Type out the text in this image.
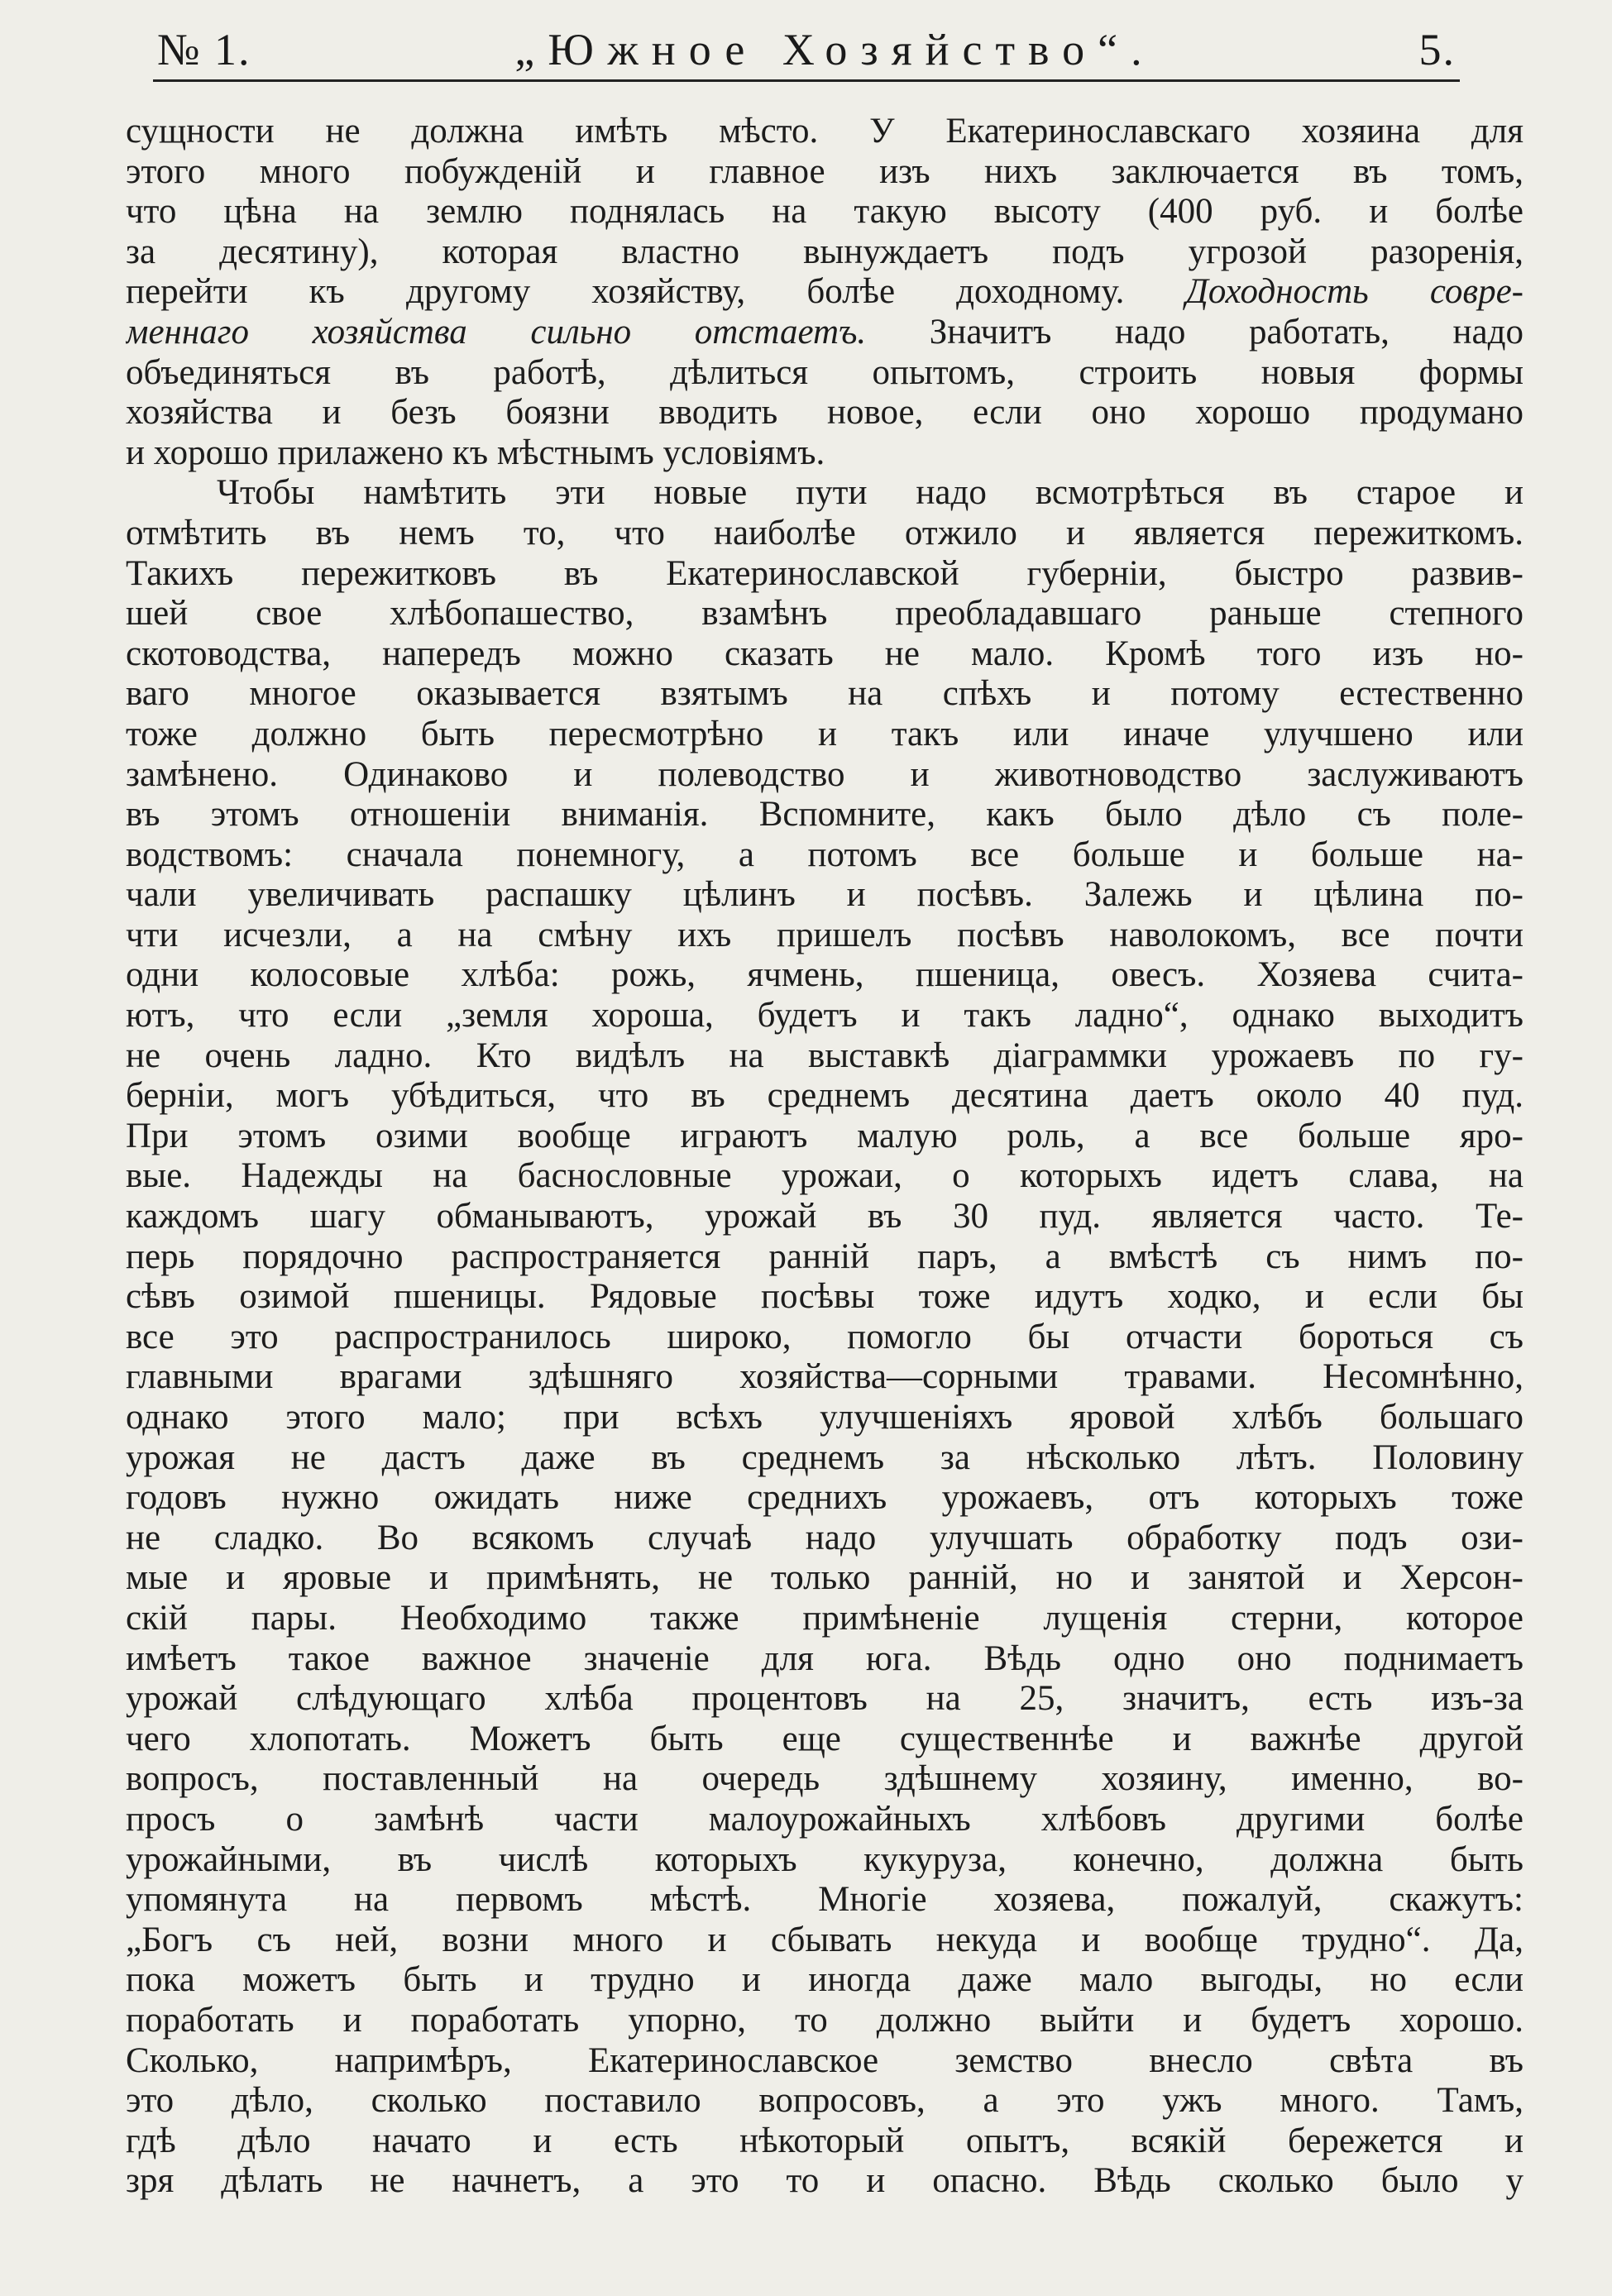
№ 1.	„Южное Хозяйство“.	5.
сущности не должна имѣть мѣсто. У Екатеринославскаго хозяина для
этого много побужденій и главное изъ нихъ заключается въ томъ,
что цѣна на землю поднялась на такую высоту (400 руб. и болѣе
за десятину), которая властно вынуждаетъ подъ угрозой разоренія,
перейти къ другому хозяйству, болѣе доходному. Доходность совре-
меннаго хозяйства сильно отстаетъ. Значитъ надо работать, надо
объединяться въ работѣ, дѣлиться опытомъ, строить новыя формы
хозяйства и безъ боязни вводить новое, если оно хорошо продумано
и хорошо прилажено къ мѣстнымъ условіямъ.
Чтобы намѣтить эти новые пути надо всмотрѣться въ старое и
отмѣтить въ немъ то, что наиболѣе отжило и является пережиткомъ.
Такихъ пережитковъ въ Екатеринославской губерніи, быстро развив-
шей свое хлѣбопашество, взамѣнъ преобладавшаго раньше степного
скотоводства, напередъ можно сказать не мало. Кромѣ того изъ но-
ваго многое оказывается взятымъ на спѣхъ и потому естественно
тоже должно быть пересмотрѣно и такъ или иначе улучшено или
замѣнено. Одинаково и полеводство и животноводство заслуживаютъ
въ этомъ отношеніи вниманія. Вспомните, какъ было дѣло съ поле-
водствомъ: сначала понемногу, а потомъ все больше и больше на-
чали увеличивать распашку цѣлинъ и посѣвъ. Залежь и цѣлина по-
чти исчезли, а на смѣну ихъ пришелъ посѣвъ наволокомъ, все почти
одни колосовые хлѣба: рожь, ячмень, пшеница, овесъ. Хозяева счита-
ютъ, что если „земля хороша, будетъ и такъ ладно“, однако выходитъ
не очень ладно. Кто видѣлъ на выставкѣ діаграммки урожаевъ по гу-
берніи, могъ убѣдиться, что въ среднемъ десятина даетъ около 40 пуд.
При этомъ озими вообще играютъ малую роль, а все больше яро-
вые. Надежды на баснословные урожаи, о которыхъ идетъ слава, на
каждомъ шагу обманываютъ, урожай въ 30 пуд. является часто. Те-
перь порядочно распространяется ранній паръ, а вмѣстѣ съ нимъ по-
сѣвъ озимой пшеницы. Рядовые посѣвы тоже идутъ ходко, и если бы
все это распространилось широко, помогло бы отчасти бороться съ
главными врагами здѣшняго хозяйства—сорными травами. Несомнѣнно,
однако этого мало; при всѣхъ улучшеніяхъ яровой хлѣбъ большаго
урожая не дастъ даже въ среднемъ за нѣсколько лѣтъ. Половину
годовъ нужно ожидать ниже среднихъ урожаевъ, отъ которыхъ тоже
не сладко. Во всякомъ случаѣ надо улучшать обработку подъ ози-
мые и яровые и примѣнять, не только ранній, но и занятой и Херсон-
скій пары. Необходимо также примѣненіе лущенія стерни, которое
имѣетъ такое важное значеніе для юга. Вѣдь одно оно поднимаетъ
урожай слѣдующаго хлѣба процентовъ на 25, значитъ, есть изъ-за
чего хлопотать. Можетъ быть еще существеннѣе и важнѣе другой
вопросъ, поставленный на очередь здѣшнему хозяину, именно, во-
просъ о замѣнѣ части малоурожайныхъ хлѣбовъ другими болѣе
урожайными, въ числѣ которыхъ кукуруза, конечно, должна быть
упомянута на первомъ мѣстѣ. Многіе хозяева, пожалуй, скажутъ:
„Богъ съ ней, возни много и сбывать некуда и вообще трудно“. Да,
пока можетъ быть и трудно и иногда даже мало выгоды, но если
поработать и поработать упорно, то должно выйти и будетъ хорошо.
Сколько, напримѣръ, Екатеринославское земство внесло свѣта въ
это дѣло, сколько поставило вопросовъ, а это ужъ много. Тамъ,
гдѣ дѣло начато и есть нѣкоторый опытъ, всякій бережется и
зря дѣлать не начнетъ, а это то и опасно. Вѣдь сколько было у
